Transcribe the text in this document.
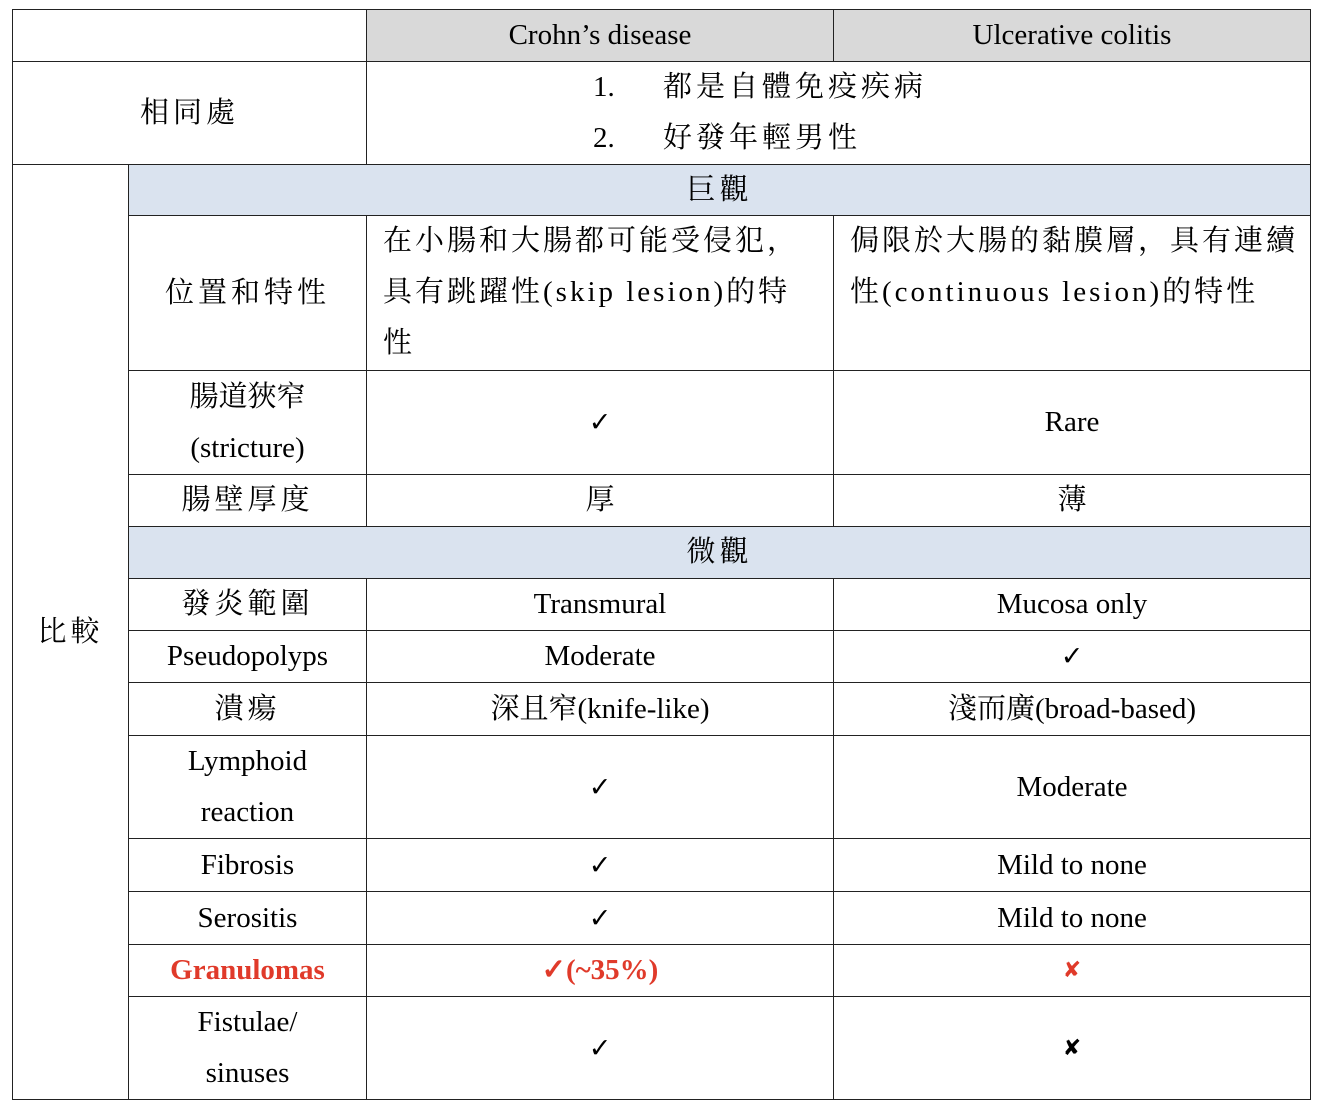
		Crohn’s disease	Ulcerative colitis
相同處		1. 都是自體免疫疾病
2. 好發年輕男性	

比較	巨觀		
	位置和特性	在小腸和大腸都可能受侵犯，具有跳躍性(skip lesion)的特性	侷限於大腸的黏膜層，具有連續性(continuous lesion)的特性
	腸道狹窄(stricture)	✓	Rare
	腸壁厚度	厚	薄
	微觀		
	發炎範圍	Transmural	Mucosa only
	Pseudopolyps	Moderate	✓
	潰瘍	深且窄(knife-like)	淺而廣(broad-based)
	Lymphoid reaction	✓	Moderate
	Fibrosis	✓	Mild to none
	Serositis	✓	Mild to none
	Granulomas	✓(~35%)	✘
	Fistulae/ sinuses	✓	✘
